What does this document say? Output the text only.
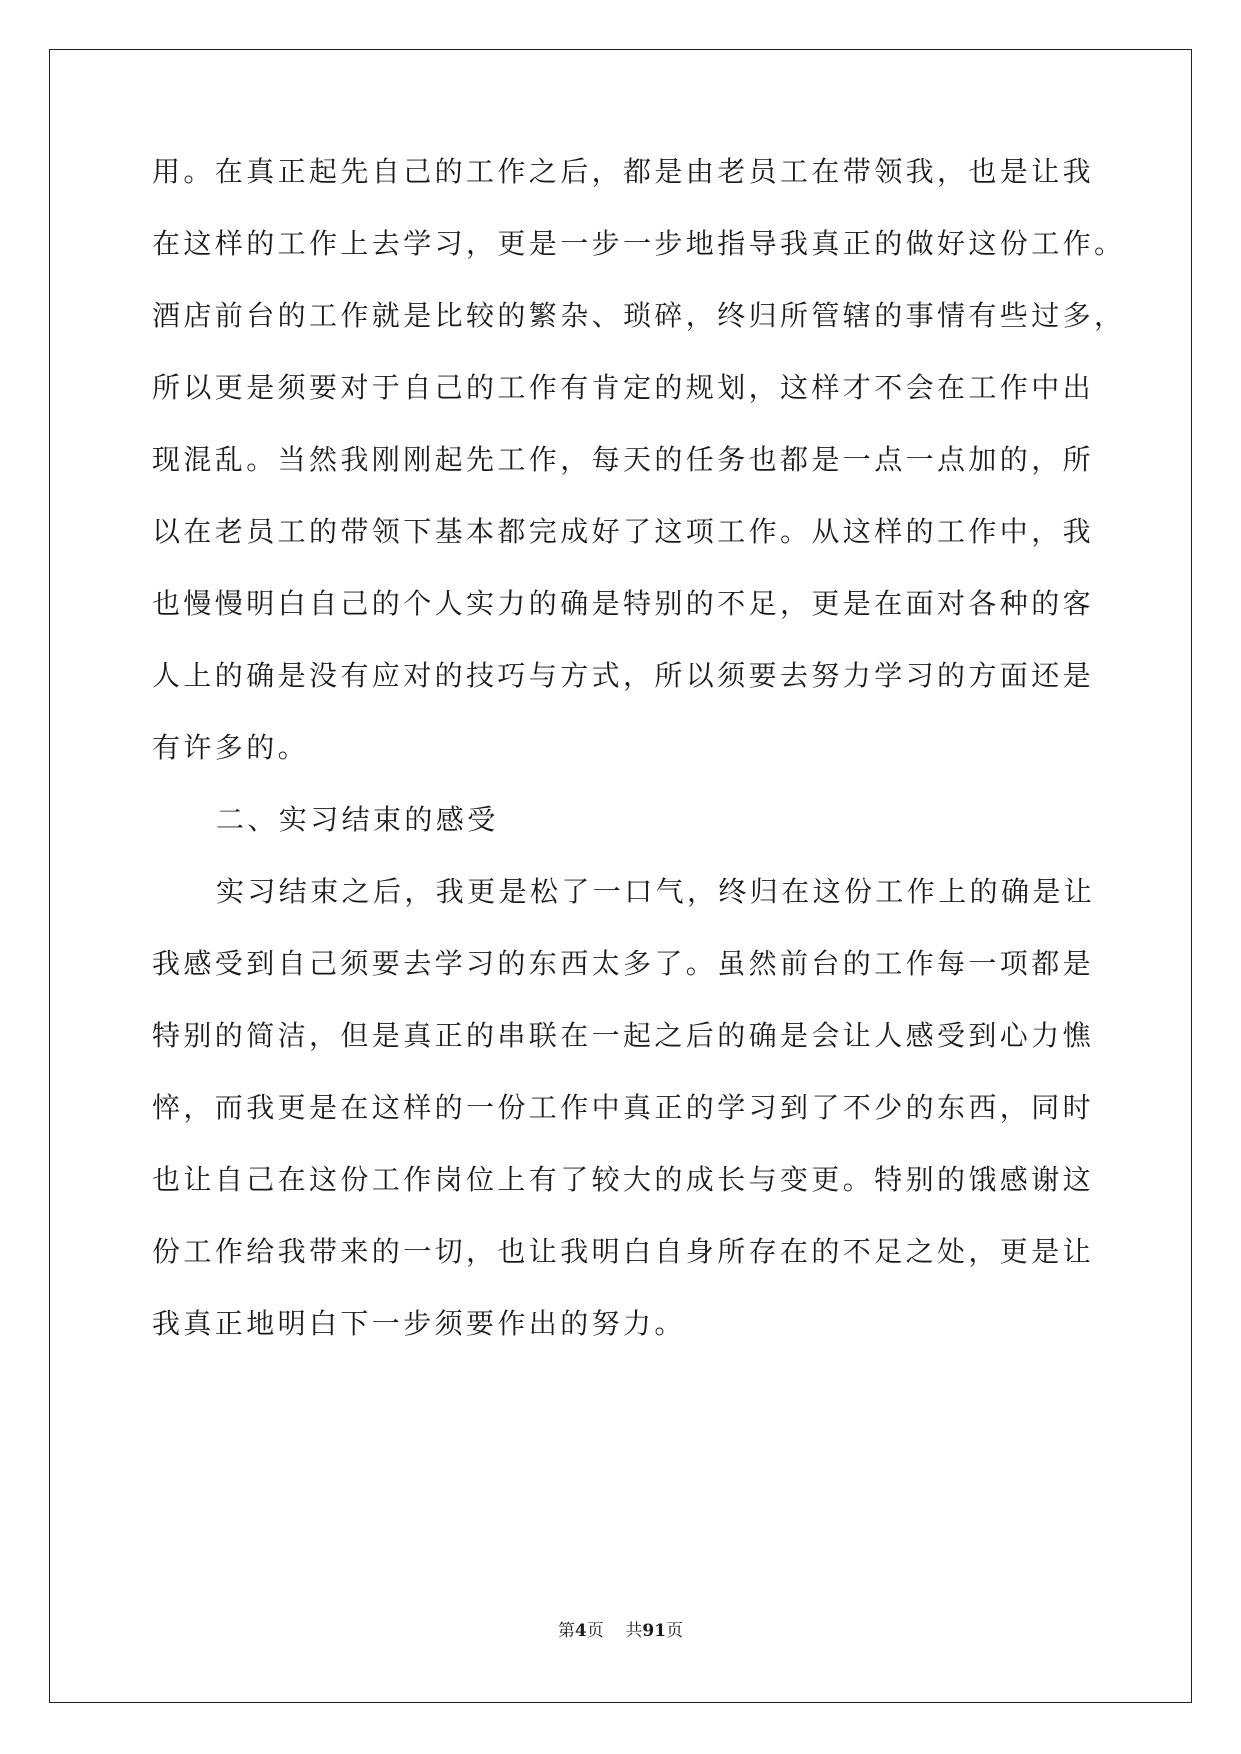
用。在真正起先自己的工作之后，都是由老员工在带领我，也是让我
在这样的工作上去学习，更是一步一步地指导我真正的做好这份工作。
酒店前台的工作就是比较的繁杂、琐碎，终归所管辖的事情有些过多，
所以更是须要对于自己的工作有肯定的规划，这样才不会在工作中出
现混乱。当然我刚刚起先工作，每天的任务也都是一点一点加的，所
以在老员工的带领下基本都完成好了这项工作。从这样的工作中，我
也慢慢明白自己的个人实力的确是特别的不足，更是在面对各种的客
人上的确是没有应对的技巧与方式，所以须要去努力学习的方面还是
有许多的。
二、实习结束的感受
实习结束之后，我更是松了一口气，终归在这份工作上的确是让
我感受到自己须要去学习的东西太多了。虽然前台的工作每一项都是
特别的简洁，但是真正的串联在一起之后的确是会让人感受到心力憔
悴，而我更是在这样的一份工作中真正的学习到了不少的东西，同时
也让自己在这份工作岗位上有了较大的成长与变更。特别的饿感谢这
份工作给我带来的一切，也让我明白自身所存在的不足之处，更是让
我真正地明白下一步须要作出的努力。
第4页 共91页
